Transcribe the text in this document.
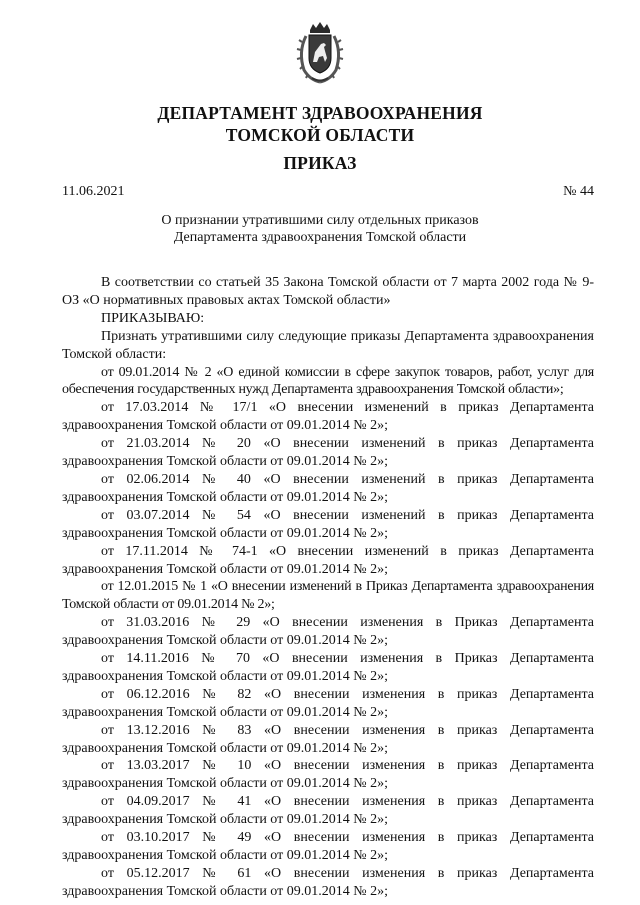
ДЕПАРТАМЕНТ ЗДРАВООХРАНЕНИЯ
ТОМСКОЙ ОБЛАСТИ
ПРИКАЗ
11.06.2021	№ 44
О признании утратившими силу отдельных приказов
Департамента здравоохранения Томской области

В соответствии со статьей 35 Закона Томской области от 7 марта 2002 года № 9-ОЗ «О нормативных правовых актах Томской области»

ПРИКАЗЫВАЮ:

Признать утратившими силу следующие приказы Департамента здравоохранения Томской области:

от 09.01.2014 № 2 «О единой комиссии в сфере закупок товаров, работ, услуг для обеспечения государственных нужд Департамента здравоохранения Томской области»;

от 17.03.2014 № 17/1 «О внесении изменений в приказ Департамента здравоохранения Томской области от 09.01.2014 № 2»;

от 21.03.2014 № 20 «О внесении изменений в приказ Департамента здравоохранения Томской области от 09.01.2014 № 2»;

от 02.06.2014 № 40 «О внесении изменений в приказ Департамента здравоохранения Томской области от 09.01.2014 № 2»;

от 03.07.2014 № 54 «О внесении изменений в приказ Департамента здравоохранения Томской области от 09.01.2014 № 2»;

от 17.11.2014 № 74-1 «О внесении изменений в приказ Департамента здравоохранения Томской области от 09.01.2014 № 2»;

от 12.01.2015 № 1 «О внесении изменений в Приказ Департамента здравоохранения Томской области от 09.01.2014 № 2»;

от 31.03.2016 № 29 «О внесении изменения в Приказ Департамента здравоохранения Томской области от 09.01.2014 № 2»;

от 14.11.2016 № 70 «О внесении изменения в Приказ Департамента здравоохранения Томской области от 09.01.2014 № 2»;

от 06.12.2016 № 82 «О внесении изменения в приказ Департамента здравоохранения Томской области от 09.01.2014 № 2»;

от 13.12.2016 № 83 «О внесении изменения в приказ Департамента здравоохранения Томской области от 09.01.2014 № 2»;

от 13.03.2017 № 10 «О внесении изменения в приказ Департамента здравоохранения Томской области от 09.01.2014 № 2»;

от 04.09.2017 № 41 «О внесении изменения в приказ Департамента здравоохранения Томской области от 09.01.2014 № 2»;

от 03.10.2017 № 49 «О внесении изменения в приказ Департамента здравоохранения Томской области от 09.01.2014 № 2»;

от 05.12.2017 № 61 «О внесении изменения в приказ Департамента здравоохранения Томской области от 09.01.2014 № 2»;
